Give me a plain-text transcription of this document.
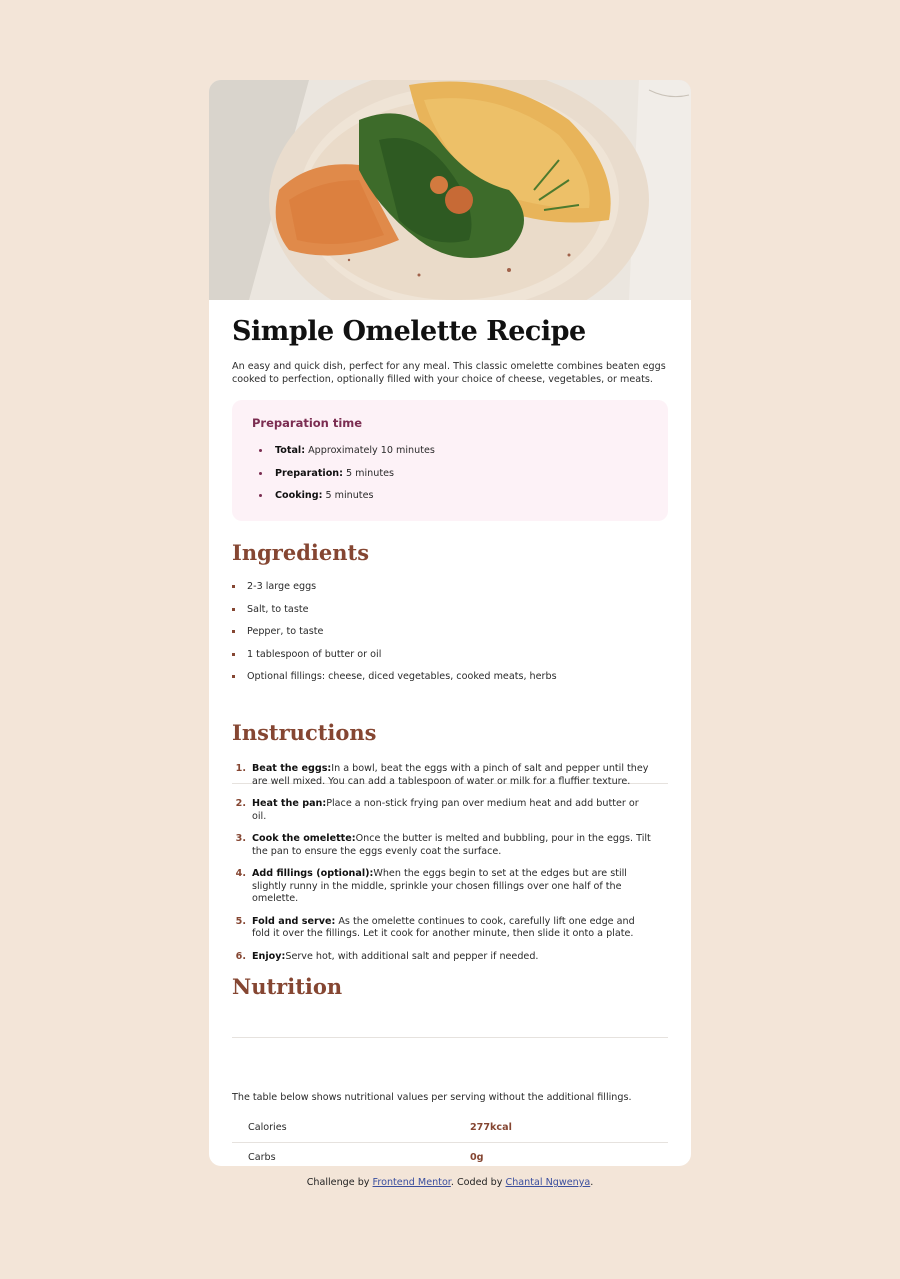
Simple Omelette Recipe

An easy and quick dish, perfect for any meal. This classic omelette combines beaten eggs cooked to perfection, optionally filled with your choice of cheese, vegetables, or meats.

Preparation time
Total: Approximately 10 minutes
Preparation: 5 minutes
Cooking: 5 minutes
Ingredients
2-3 large eggs
Salt, to taste
Pepper, to taste
1 tablespoon of butter or oil
Optional fillings: cheese, diced vegetables, cooked meats, herbs
Instructions
1. Beat the eggs:In a bowl, beat the eggs with a pinch of salt and pepper until they are well mixed. You can add a tablespoon of water or milk for a fluffier texture.
2. Heat the pan:Place a non-stick frying pan over medium heat and add butter or oil.
3. Cook the omelette:Once the butter is melted and bubbling, pour in the eggs. Tilt the pan to ensure the eggs evenly coat the surface.
4. Add fillings (optional):When the eggs begin to set at the edges but are still slightly runny in the middle, sprinkle your chosen fillings over one half of the omelette.
5. Fold and serve: As the omelette continues to cook, carefully lift one edge and fold it over the fillings. Let it cook for another minute, then slide it onto a plate.
6. Enjoy:Serve hot, with additional salt and pepper if needed.
Nutrition

The table below shows nutritional values per serving without the additional fillings.

Calories	277kcal
Carbs	0g

Challenge by Frontend Mentor. Coded by Chantal Ngwenya.
